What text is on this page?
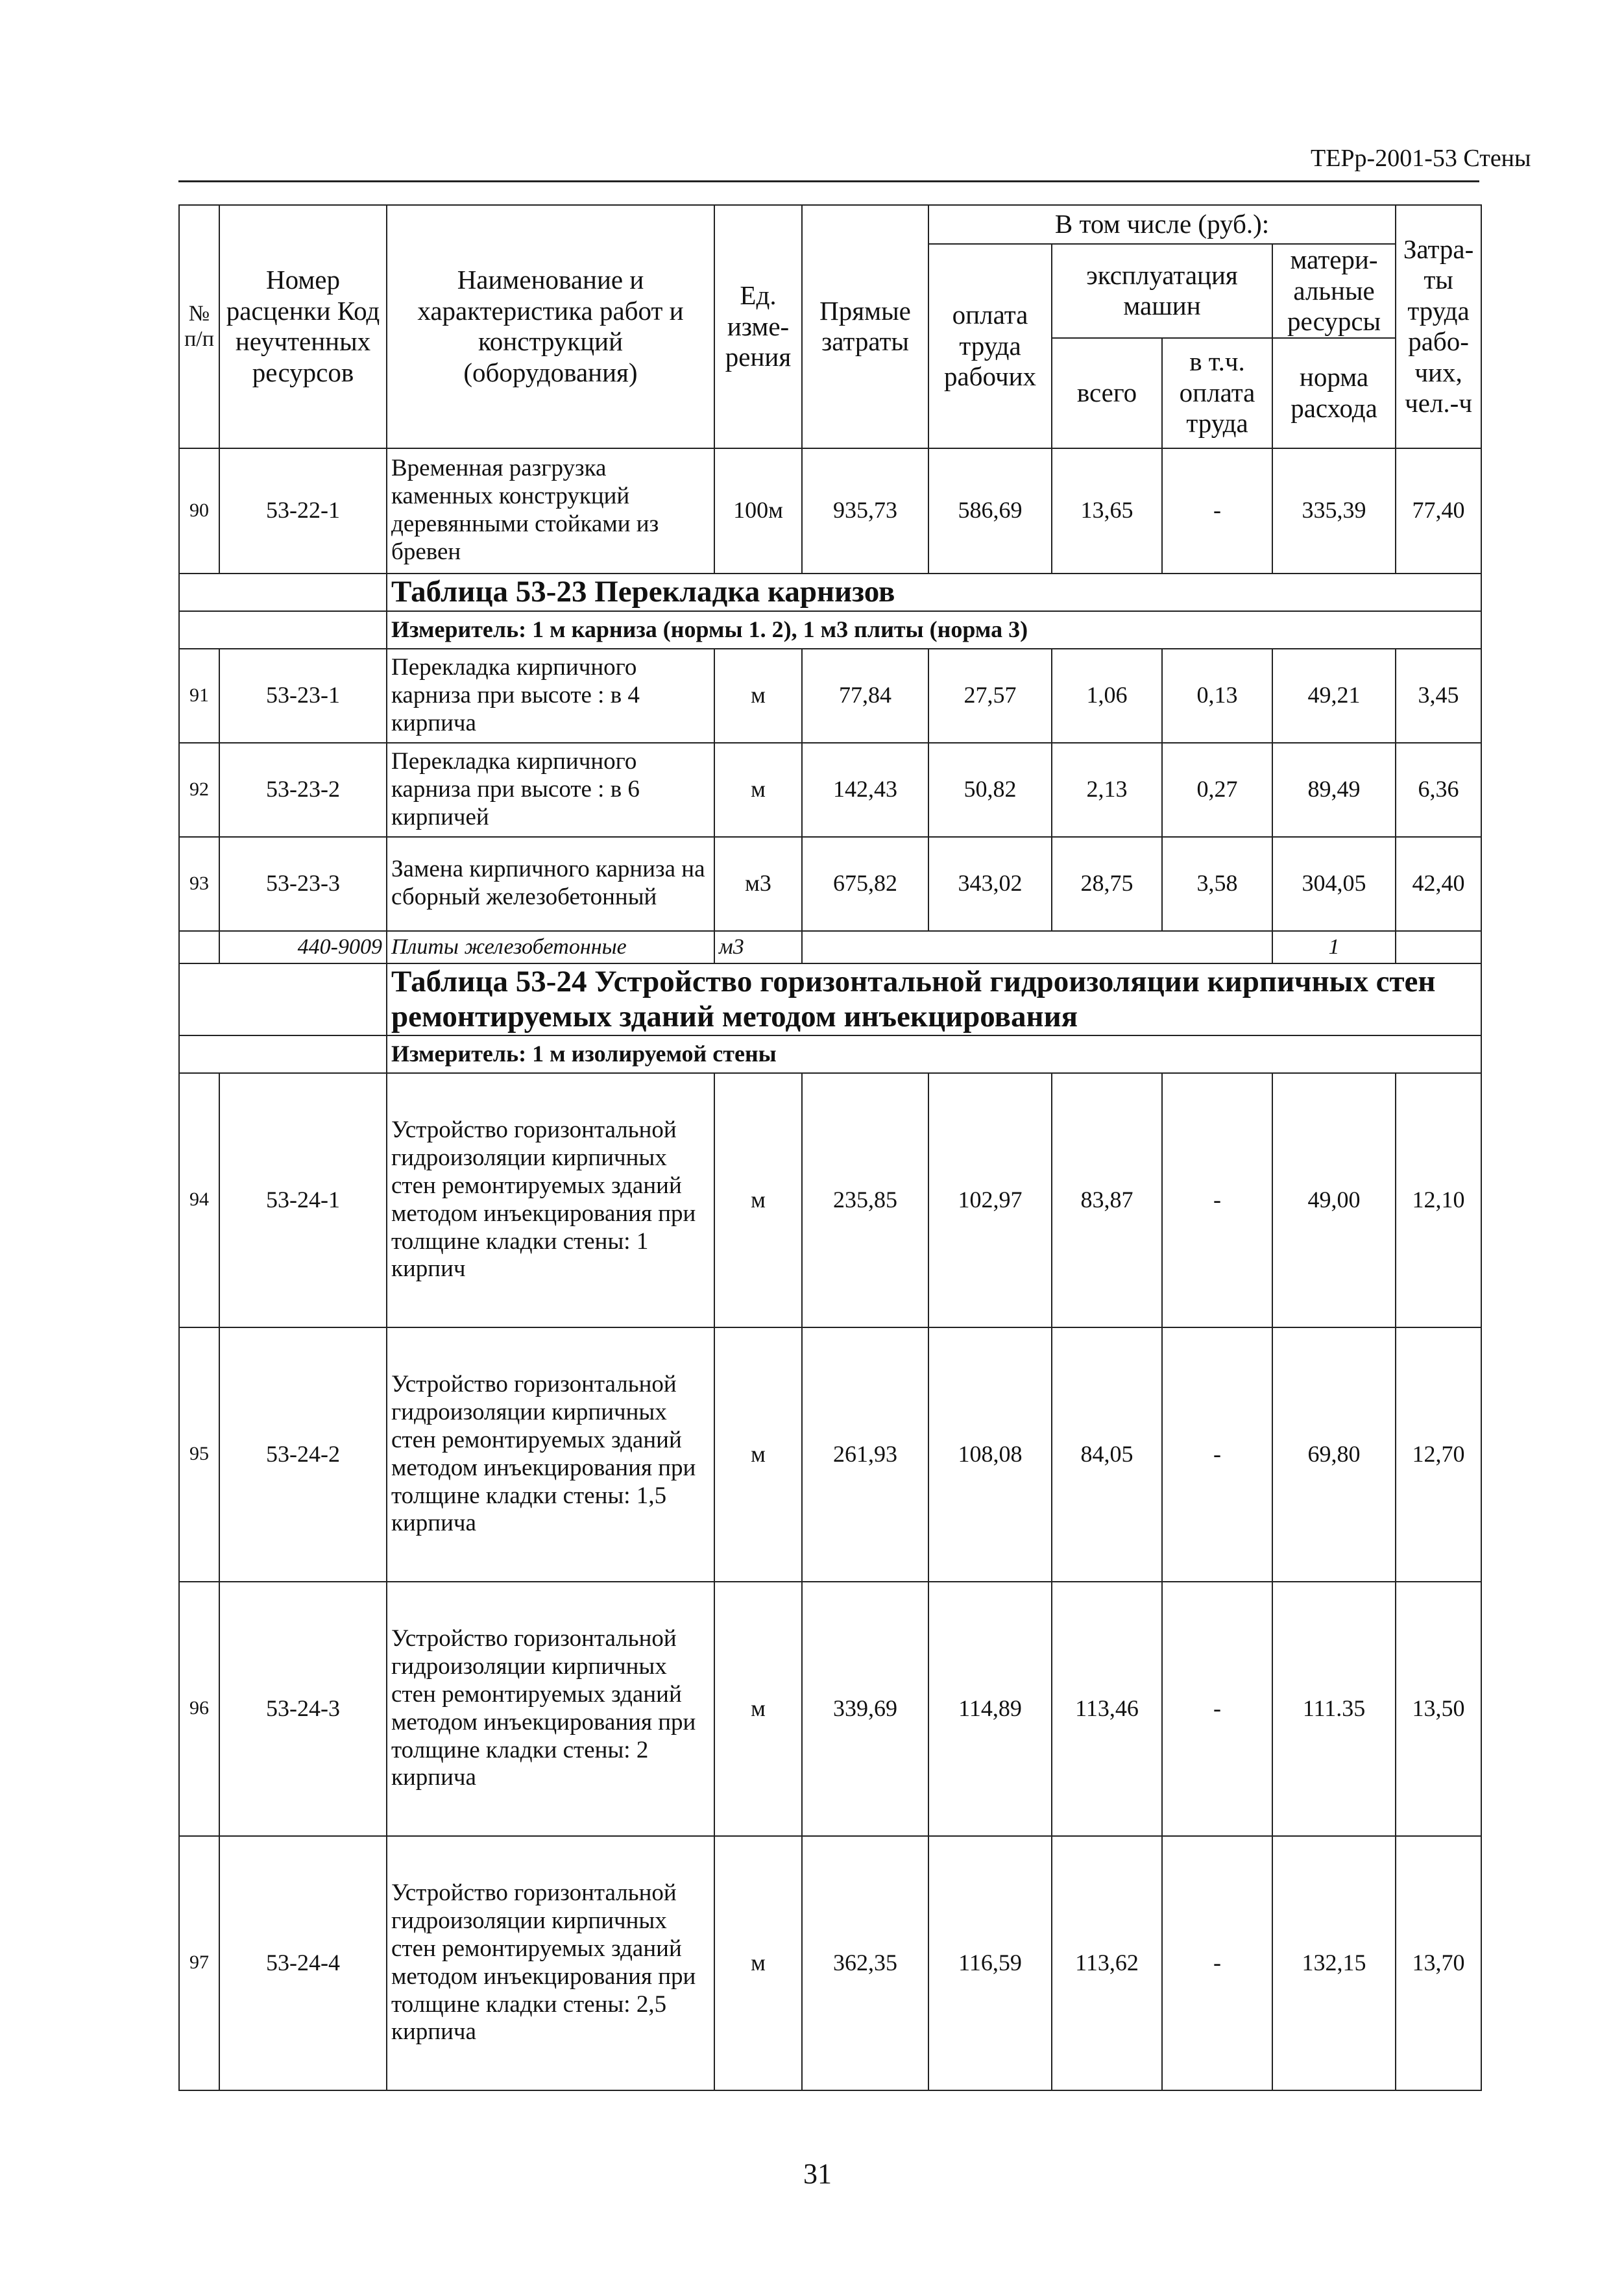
ТЕРр-2001-53 Стены
№ п/п	Номер расценки Код неучтенных ресурсов	Наименование и характеристика работ и конструкций (оборудования)	Ед. изме-рения	Прямые затраты	В том числе (руб.):				Затра-ты труда рабо-чих, чел.-ч
					оплата труда рабочих	эксплуатация машин		матери-альные ресурсы	

						всего	в т.ч. оплата труда	норма расхода	
90	53-22-1	Временная разгрузка каменных конструкций деревянными стойками из бревен	100м	935,73	586,69	13,65	-	335,39	77,40
		Таблица 53-23 Перекладка карнизов							
		Измеритель: 1 м карниза (нормы 1. 2), 1 м3 плиты (норма 3)							
91	53-23-1	Перекладка кирпичного карниза при высоте : в 4 кирпича	м	77,84	27,57	1,06	0,13	49,21	3,45
92	53-23-2	Перекладка кирпичного карниза при высоте : в 6 кирпичей	м	142,43	50,82	2,13	0,27	89,49	6,36
93	53-23-3	Замена кирпичного карниза на сборный железобетонный	м3	675,82	343,02	28,75	3,58	304,05	42,40
	440-9009	Плиты железобетонные	м3					1	
		Таблица 53-24 Устройство горизонтальной гидроизоляции кирпичных стен ремонтируемых зданий методом инъекцирования							
		Измеритель: 1 м изолируемой стены							
94	53-24-1	Устройство горизонтальной гидроизоляции кирпичных стен ремонтируемых зданий методом инъекцирования при толщине кладки стены: 1 кирпич	м	235,85	102,97	83,87	-	49,00	12,10
95	53-24-2	Устройство горизонтальной гидроизоляции кирпичных стен ремонтируемых зданий методом инъекцирования при толщине кладки стены: 1,5 кирпича	м	261,93	108,08	84,05	-	69,80	12,70
96	53-24-3	Устройство горизонтальной гидроизоляции кирпичных стен ремонтируемых зданий методом инъекцирования при толщине кладки стены: 2 кирпича	м	339,69	114,89	113,46	-	111.35	13,50
97	53-24-4	Устройство горизонтальной гидроизоляции кирпичных стен ремонтируемых зданий методом инъекцирования при толщине кладки стены: 2,5 кирпича	м	362,35	116,59	113,62	-	132,15	13,70
31
